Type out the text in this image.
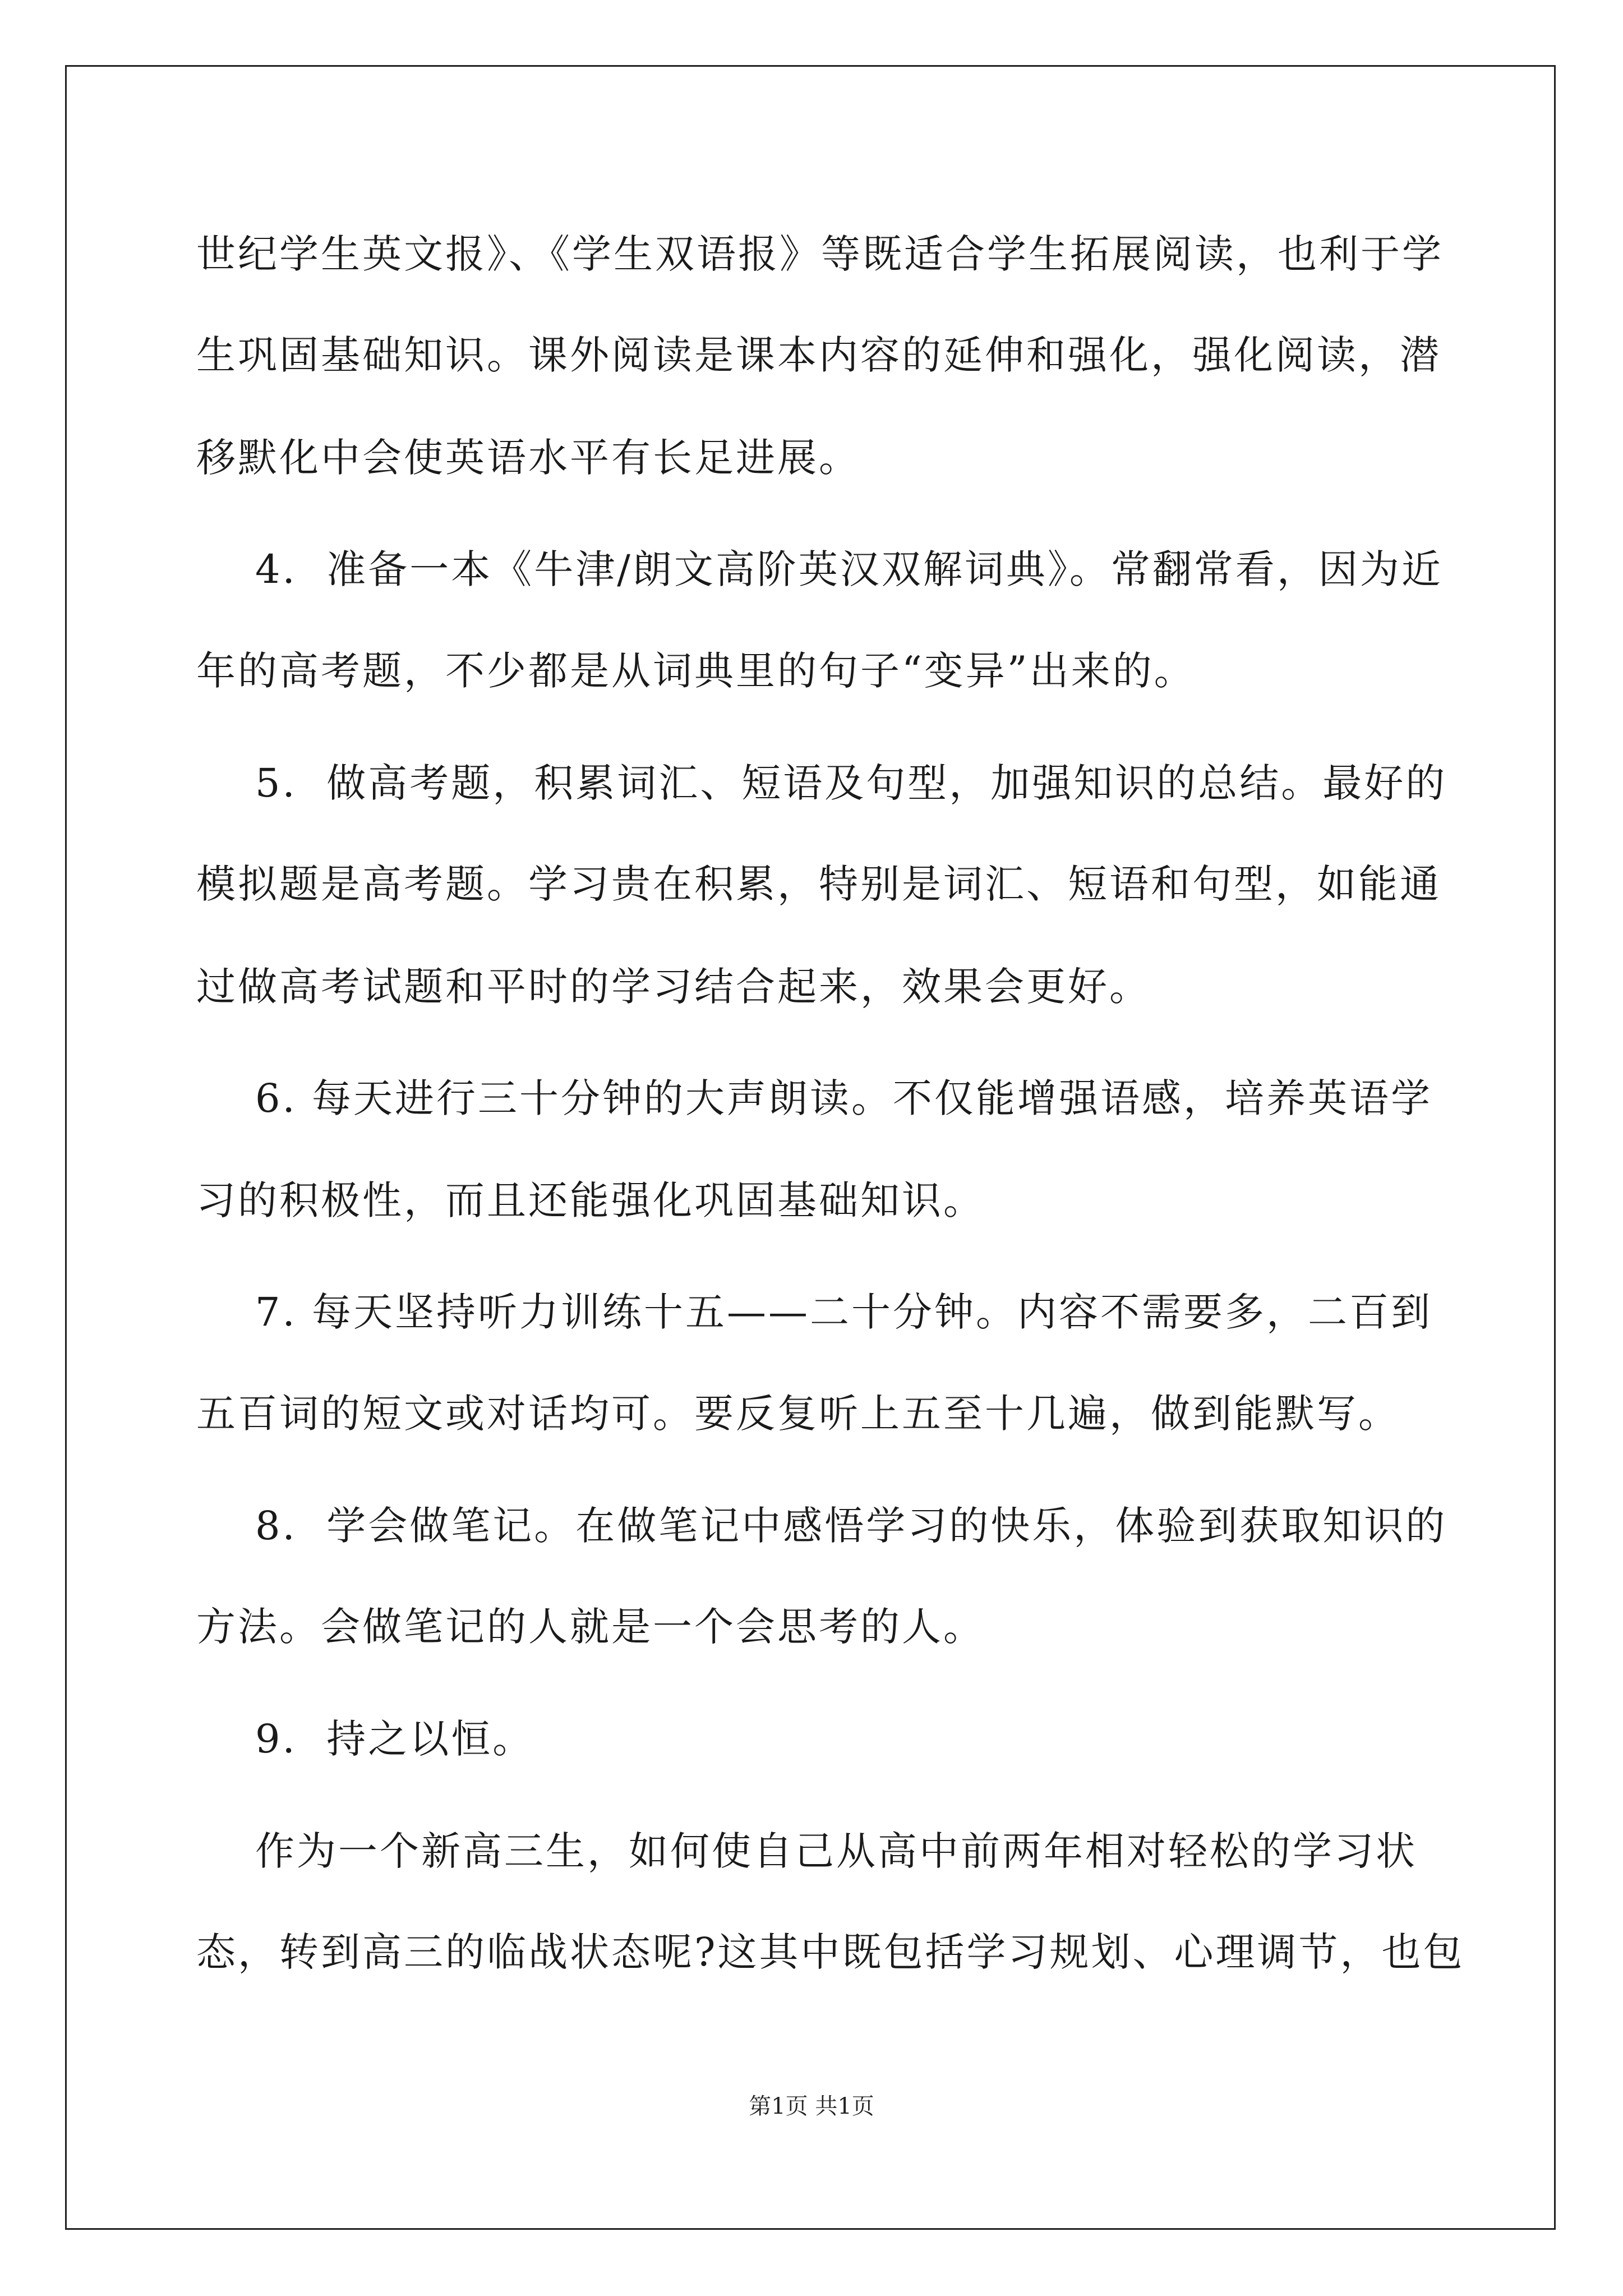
世纪学生英文报》、《学生双语报》等既适合学生拓展阅读，也利于学
生巩固基础知识。课外阅读是课本内容的延伸和强化，强化阅读，潜
移默化中会使英语水平有长足进展。
4.  准备一本《牛津/朗文高阶英汉双解词典》。常翻常看，因为近
年的高考题，不少都是从词典里的句子“变异”出来的。
5.  做高考题，积累词汇、短语及句型，加强知识的总结。最好的
模拟题是高考题。学习贵在积累，特别是词汇、短语和句型，如能通
过做高考试题和平时的学习结合起来，效果会更好。
6. 每天进行三十分钟的大声朗读。不仅能增强语感，培养英语学
习的积极性，而且还能强化巩固基础知识。
7. 每天坚持听力训练十五——二十分钟。内容不需要多，二百到
五百词的短文或对话均可。要反复听上五至十几遍，做到能默写。
8.  学会做笔记。在做笔记中感悟学习的快乐，体验到获取知识的
方法。会做笔记的人就是一个会思考的人。
9.  持之以恒。
作为一个新高三生，如何使自己从高中前两年相对轻松的学习状
态，转到高三的临战状态呢?这其中既包括学习规划、心理调节，也包
第1页 共1页
